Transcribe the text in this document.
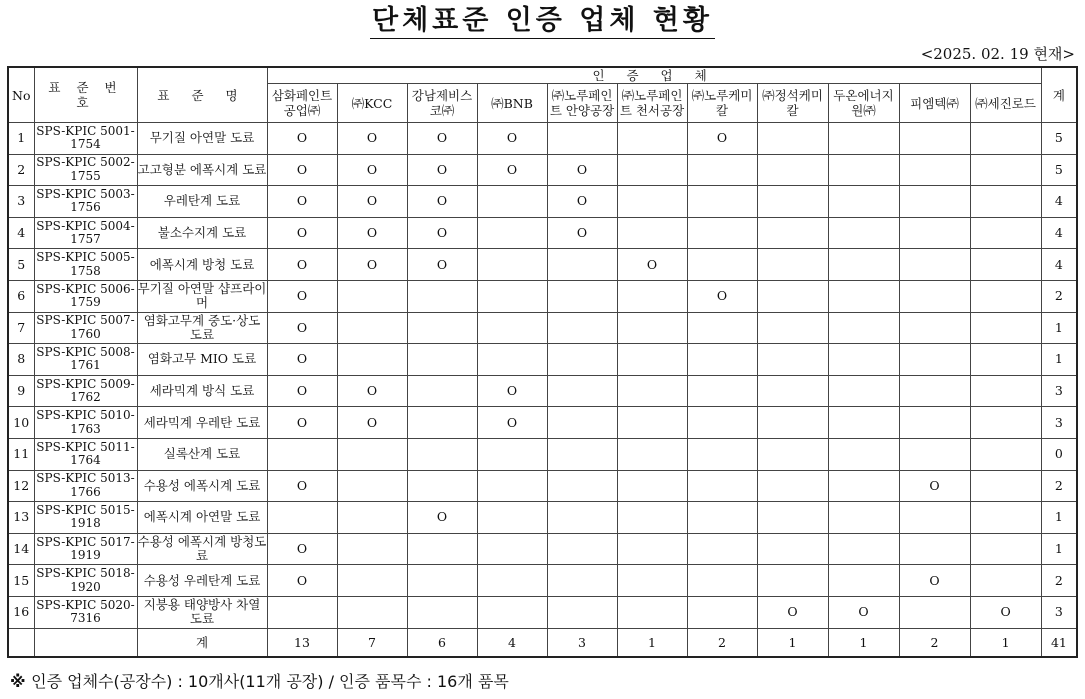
단체표준 인증 업체 현황
<2025. 02. 19 현재>
No	표 준 번 호	표 준 명	인 증 업 체											계
			삼화페인트공업㈜	㈜KCC	강남제비스코㈜	㈜BNB	㈜노루페인트 안양공장	㈜노루페인트 천서공장	㈜노루케미칼	㈜정석케미칼	두온에너지원㈜	피엠텍㈜	㈜세진로드	
1	SPS-KPIC 5001-1754	무기질 아연말 도료	O	O	O	O			O					5
2	SPS-KPIC 5002-1755	고고형분 에폭시계 도료	O	O	O	O	O							5
3	SPS-KPIC 5003-1756	우레탄계 도료	O	O	O		O							4
4	SPS-KPIC 5004-1757	불소수지계 도료	O	O	O		O							4
5	SPS-KPIC 5005-1758	에폭시계 방청 도료	O	O	O			O						4
6	SPS-KPIC 5006-1759	무기질 아연말 샵프라이머	O						O					2
7	SPS-KPIC 5007-1760	염화고무계 중도·상도 도료	O											1
8	SPS-KPIC 5008-1761	염화고무 MIO 도료	O											1
9	SPS-KPIC 5009-1762	세라믹계 방식 도료	O	O		O								3
10	SPS-KPIC 5010-1763	세라믹계 우레탄 도료	O	O		O								3
11	SPS-KPIC 5011-1764	실록산계 도료												0
12	SPS-KPIC 5013-1766	수용성 에폭시계 도료	O									O		2
13	SPS-KPIC 5015-1918	에폭시계 아연말 도료			O									1
14	SPS-KPIC 5017-1919	수용성 에폭시계 방청도료	O											1
15	SPS-KPIC 5018-1920	수용성 우레탄계 도료	O									O		2
16	SPS-KPIC 5020-7316	지붕용 태양방사 차열 도료								O	O		O	3
		계	13	7	6	4	3	1	2	1	1	2	1	41
※ 인증 업체수(공장수) : 10개사(11개 공장) / 인증 품목수 : 16개 품목
